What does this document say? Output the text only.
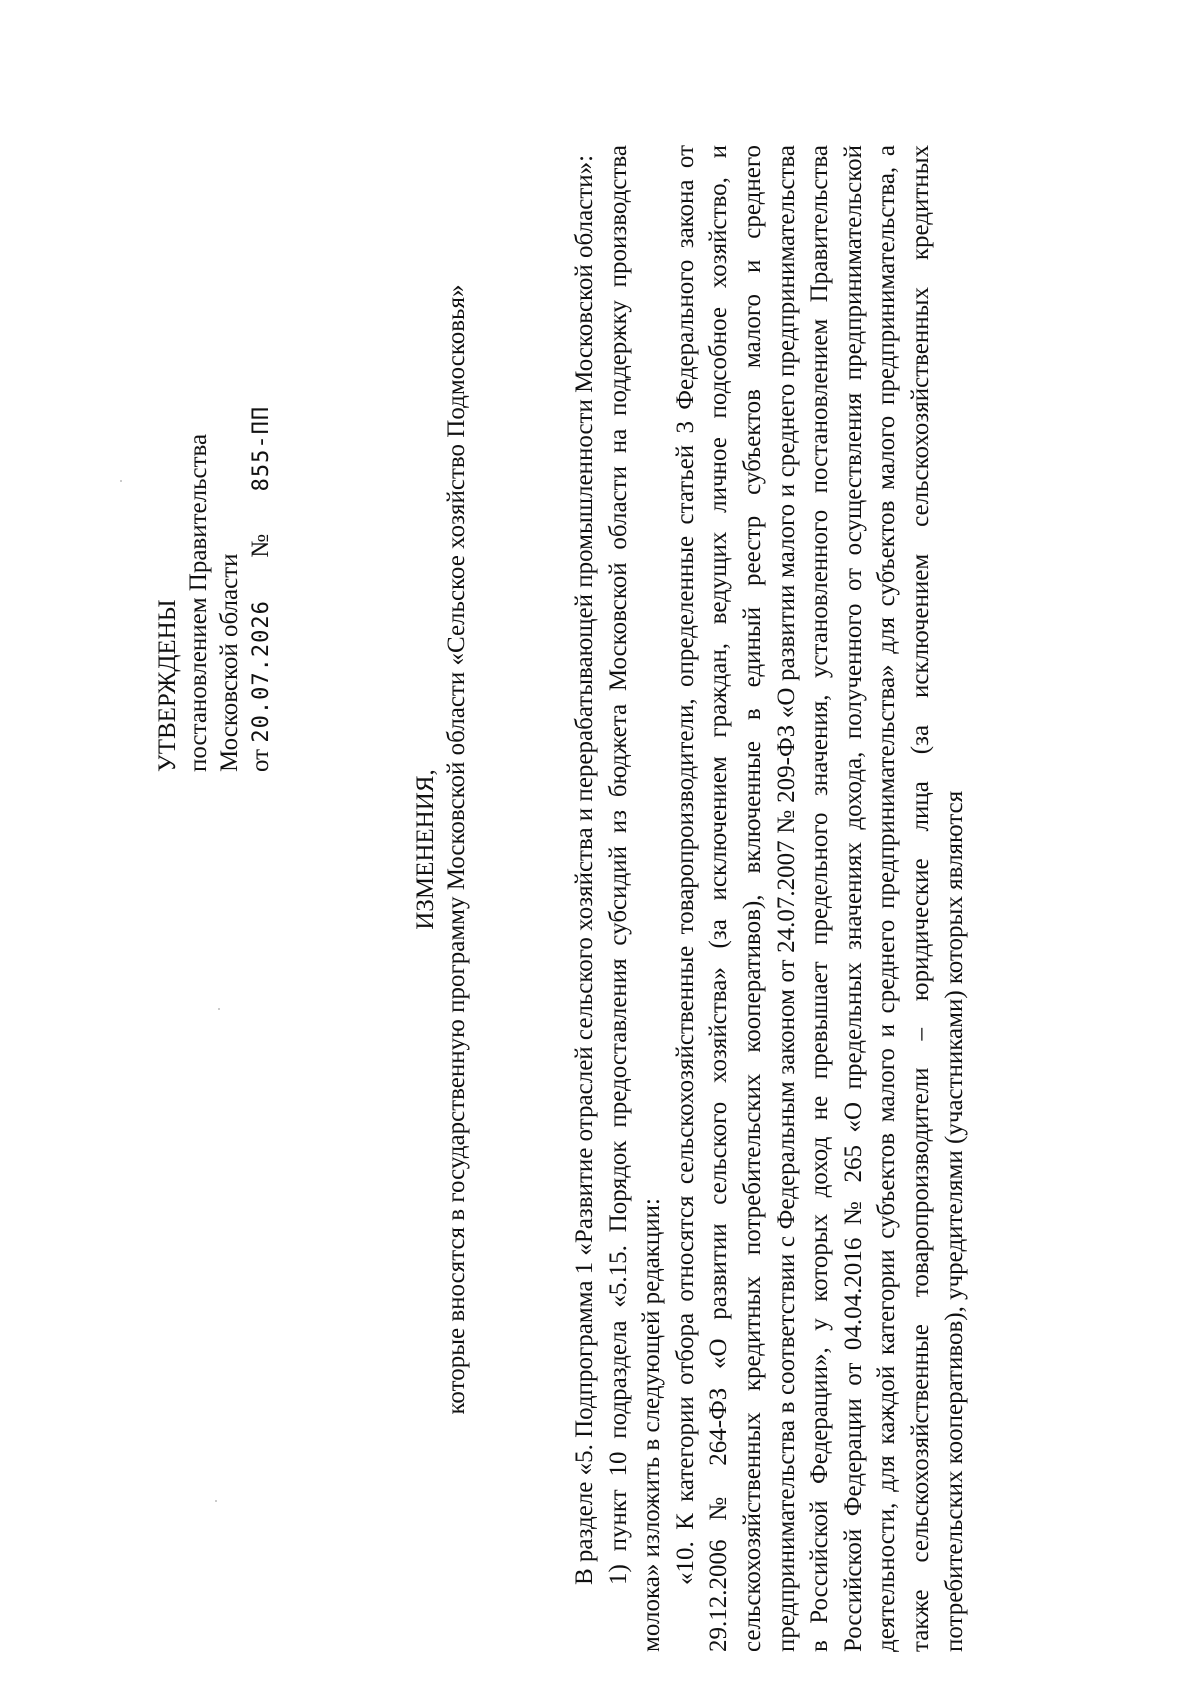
УТВЕРЖДЕНЫ постановлением Правительства Московской области от 20.07.2026  №  855-ПП
ИЗМЕНЕНИЯ, которые вносятся в государственную программу Московской области «Сельское хозяйство Подмосковья»	В разделе «5. Подпрограмма 1 «Развитие отраслей сельского хозяйства и перерабатывающей промышленности Московской области»: 1) пункт 10 подраздела «5.15. Порядок предоставления субсидий из бюджета Московской области на поддержку производства молока» изложить в следующей редакции: «10. К категории отбора относятся сельскохозяйственные товаропроизводители, определенные статьей 3 Федерального закона от 29.12.2006 № 264-ФЗ «О развитии сельского хозяйства» (за исключением граждан, ведущих личное подсобное хозяйство, и сельскохозяйственных кредитных потребительских кооперативов), включенные в единый реестр субъектов малого и среднего предпринимательства в соответствии с Федеральным законом от 24.07.2007 № 209-ФЗ «О развитии малого и среднего предпринимательства в Российской Федерации», у которых доход не превышает предельного значения, установленного постановлением Правительства Российской Федерации от 04.04.2016 № 265 «О предельных значениях дохода, полученного от осуществления предпринимательской деятельности, для каждой категории субъектов малого и среднего предпринимательства» для субъектов малого предпринимательства, а также сельскохозяйственные товаропроизводители – юридические лица (за исключением сельскохозяйственных кредитных потребительских кооперативов), учредителями (участниками) которых являются
